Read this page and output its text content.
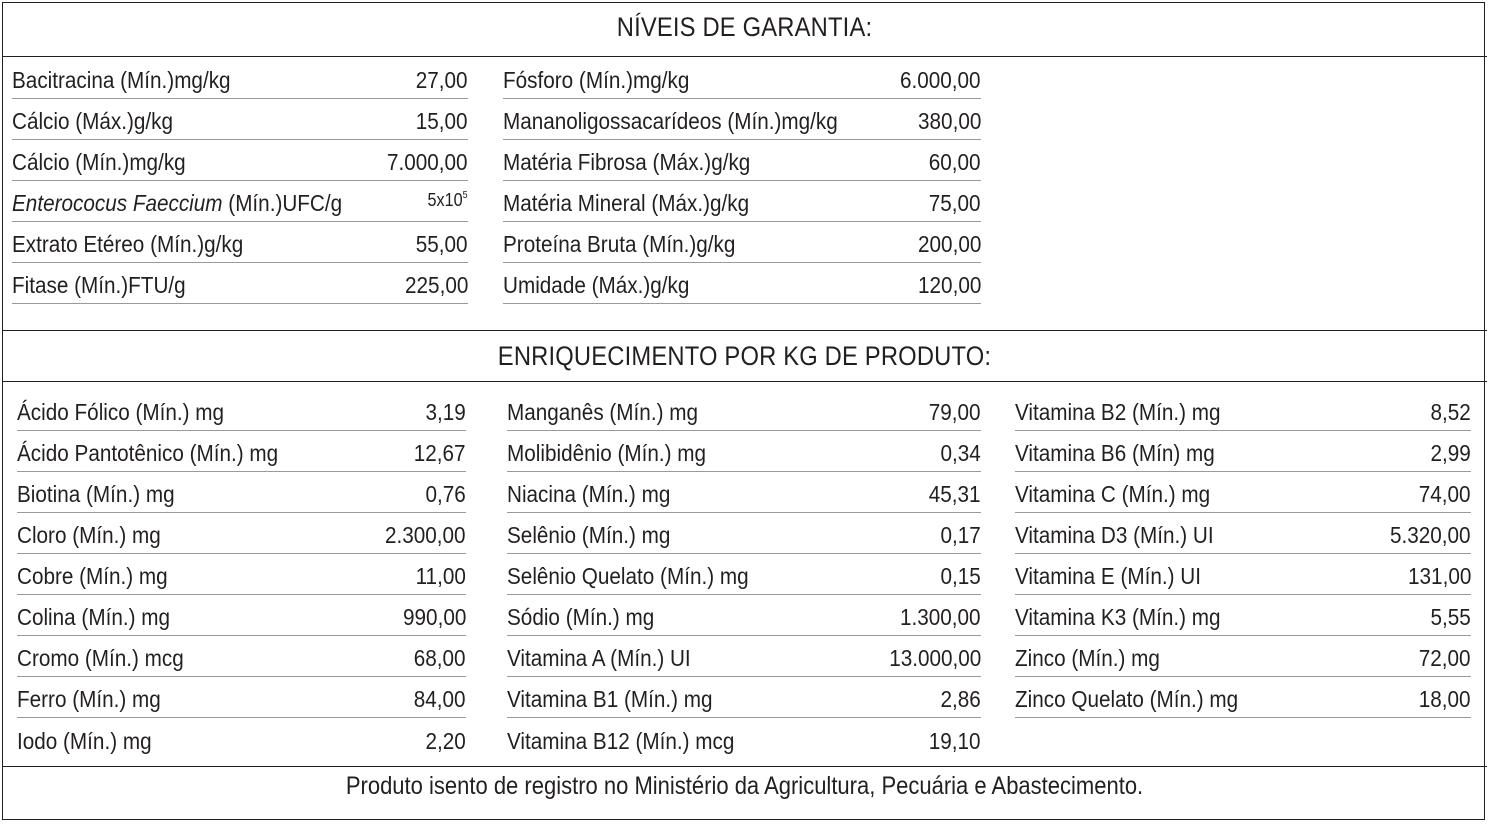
NÍVEIS DE GARANTIA:
Bacitracina (Mín.)mg/kg	27,00
Cálcio (Máx.)g/kg	15,00
Cálcio (Mín.)mg/kg	7.000,00
Enterococus Faeccium (Mín.)UFC/g	$5x10^5$
Extrato Etéreo (Mín.)g/kg	55,00
Fitase (Mín.)FTU/g	225,00
Fósforo (Mín.)mg/kg	6.000,00
Mananoligossacarídeos (Mín.)mg/kg	380,00
Matéria Fibrosa (Máx.)g/kg	60,00
Matéria Mineral (Máx.)g/kg	75,00
Proteína Bruta (Mín.)g/kg	200,00
Umidade (Máx.)g/kg	120,00
ENRIQUECIMENTO POR KG DE PRODUTO:
Ácido Fólico (Mín.) mg	3,19
Ácido Pantotênico (Mín.) mg	12,67
Biotina (Mín.) mg	0,76
Cloro (Mín.) mg	2.300,00
Cobre (Mín.) mg	11,00
Colina (Mín.) mg	990,00
Cromo (Mín.) mcg	68,00
Ferro (Mín.) mg	84,00
Iodo (Mín.) mg	2,20
Manganês (Mín.) mg	79,00
Molibidênio (Mín.) mg	0,34
Niacina (Mín.) mg	45,31
Selênio (Mín.) mg	0,17
Selênio Quelato (Mín.) mg	0,15
Sódio (Mín.) mg	1.300,00
Vitamina A (Mín.) UI	13.000,00
Vitamina B1 (Mín.) mg	2,86
Vitamina B12 (Mín.) mcg	19,10
Vitamina B2 (Mín.) mg	8,52
Vitamina B6 (Mín) mg	2,99
Vitamina C (Mín.) mg	74,00
Vitamina D3 (Mín.) UI	5.320,00
Vitamina E (Mín.) UI	131,00
Vitamina K3 (Mín.) mg	5,55
Zinco (Mín.) mg	72,00
Zinco Quelato (Mín.) mg	18,00
Produto isento de registro no Ministério da Agricultura, Pecuária e Abastecimento.
